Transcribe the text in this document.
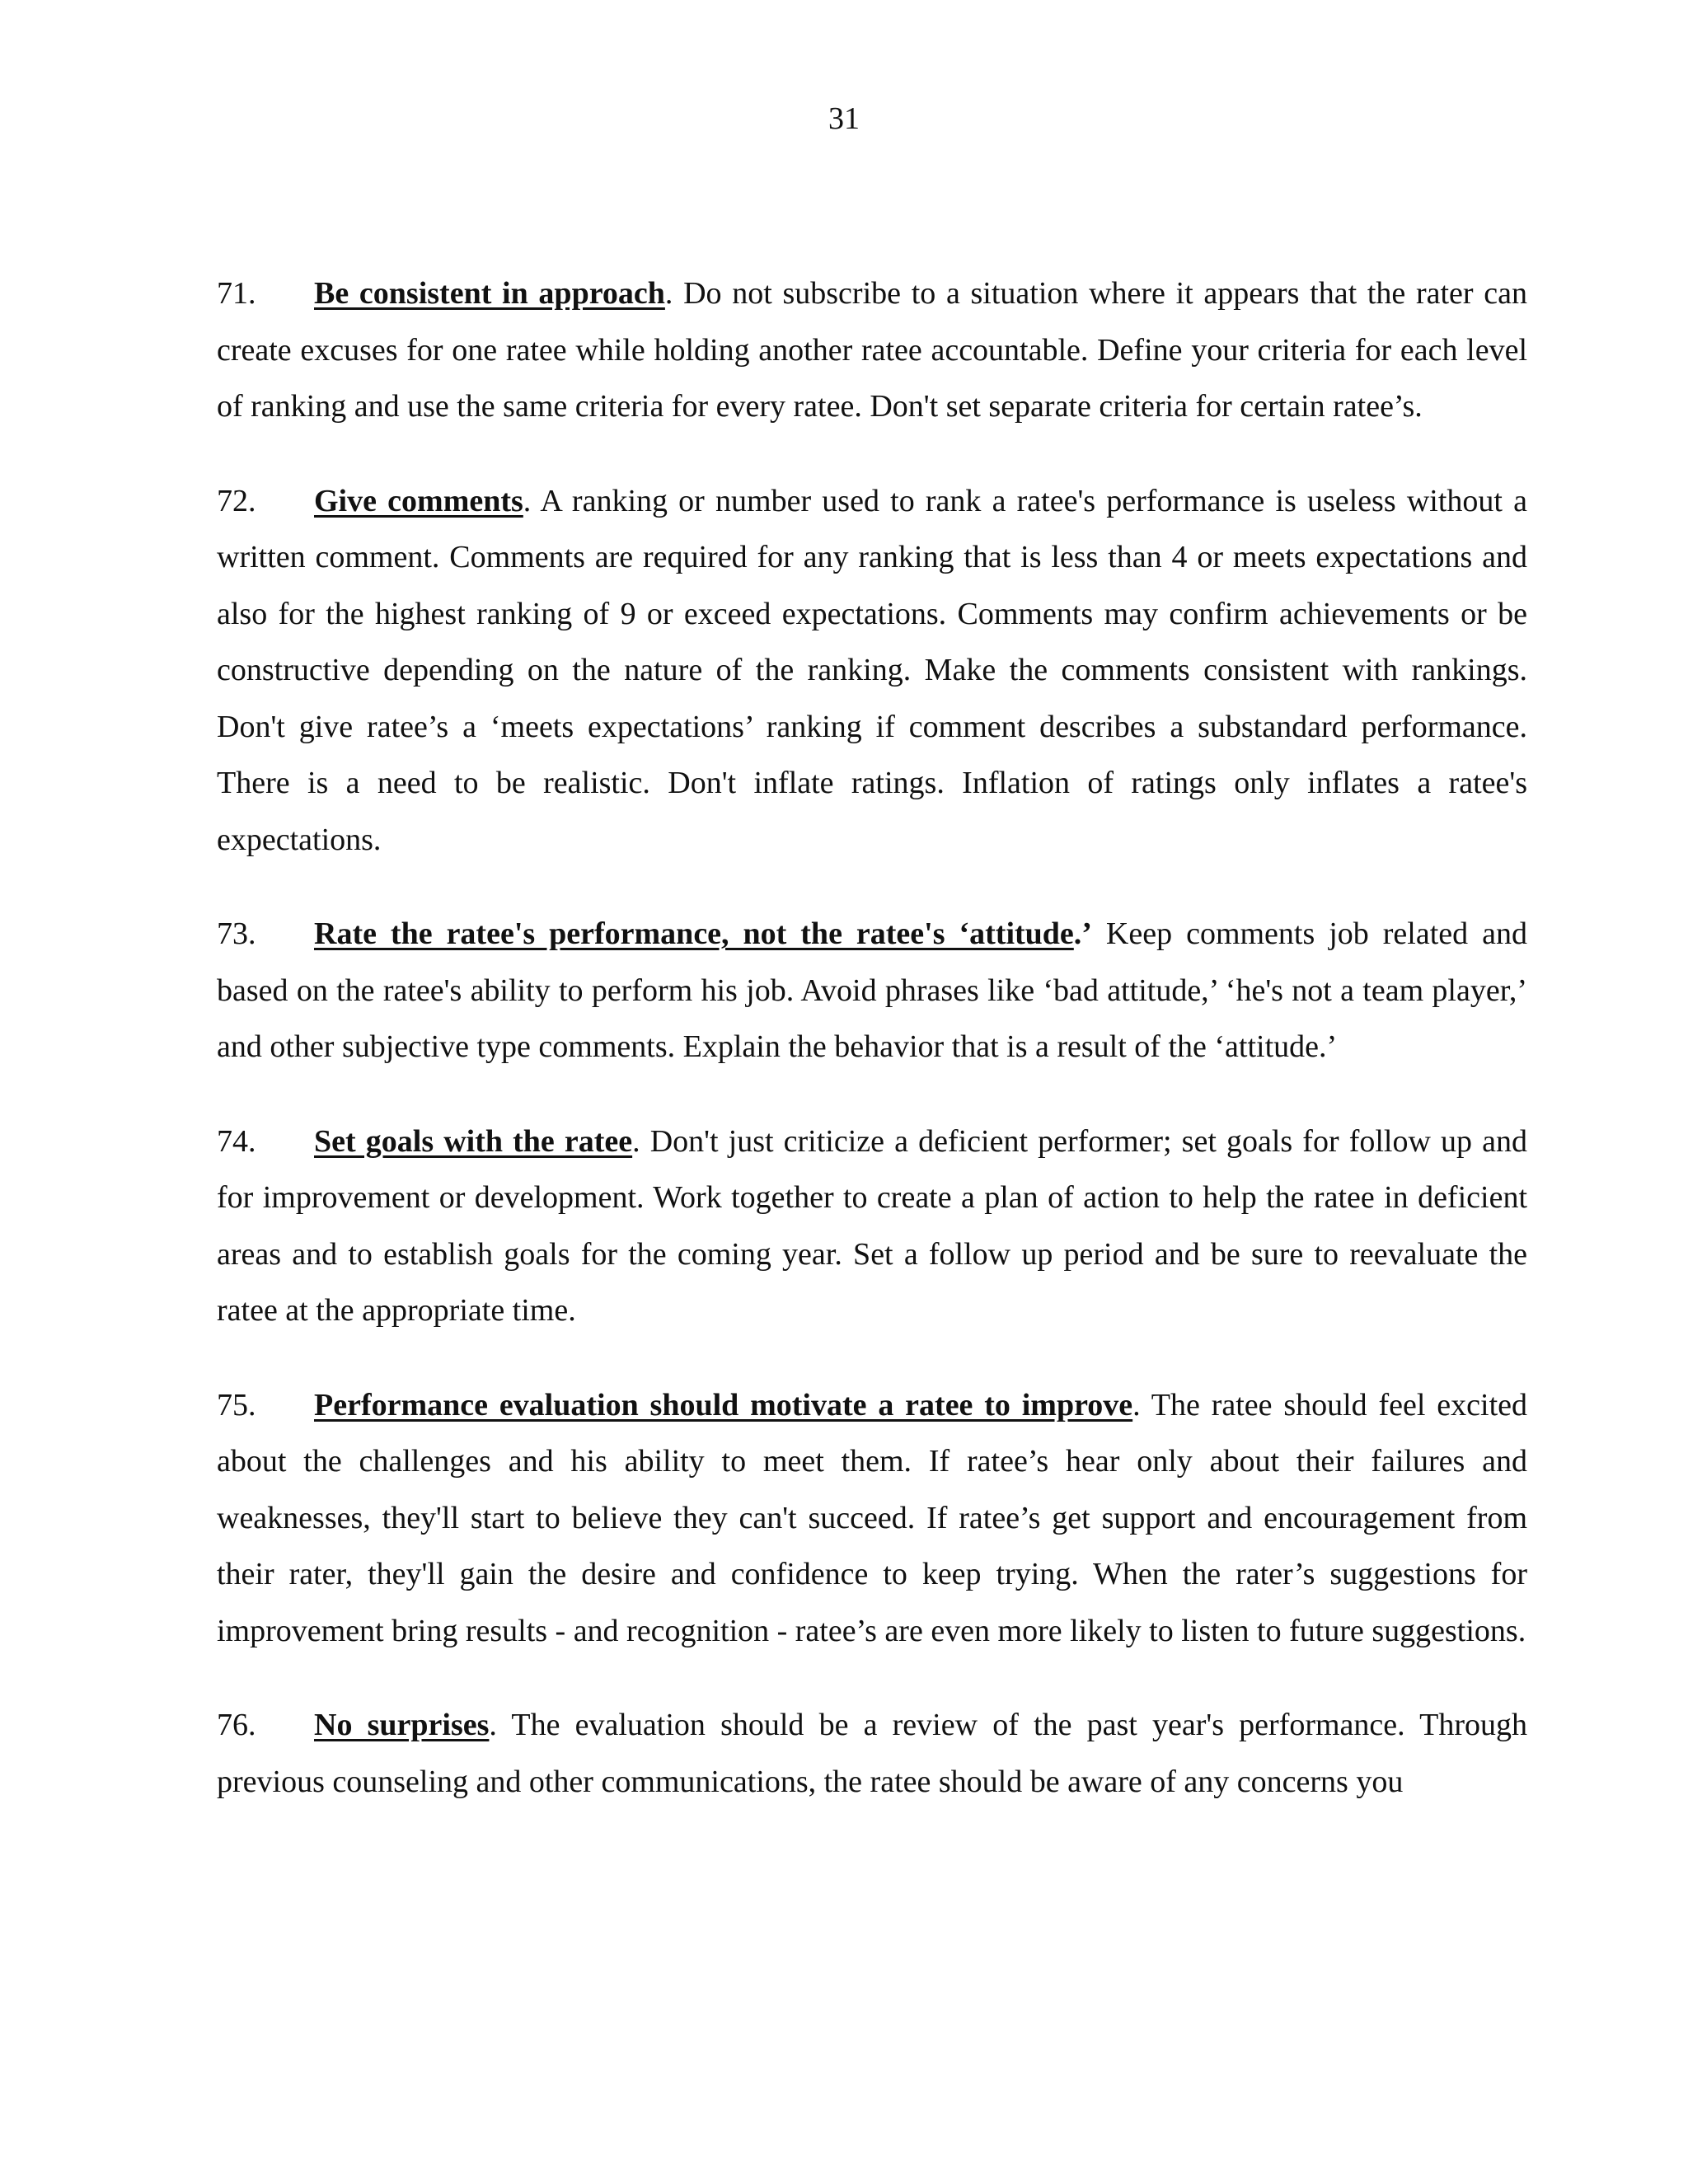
31

71. Be consistent in approach. Do not subscribe to a situation where it appears that the rater can create excuses for one ratee while holding another ratee accountable. Define your criteria for each level of ranking and use the same criteria for every ratee. Don't set separate criteria for certain ratee’s.

72. Give comments. A ranking or number used to rank a ratee's performance is useless without a written comment. Comments are required for any ranking that is less than 4 or meets expectations and also for the highest ranking of 9 or exceed expectations. Comments may confirm achievements or be constructive depending on the nature of the ranking. Make the comments consistent with rankings. Don't give ratee’s a ‘meets expectations’ ranking if comment describes a substandard performance. There is a need to be realistic. Don't inflate ratings. Inflation of ratings only inflates a ratee's expectations.

73. Rate the ratee's performance, not the ratee's ‘attitude.’ Keep comments job related and based on the ratee's ability to perform his job. Avoid phrases like ‘bad attitude,’ ‘he's not a team player,’ and other subjective type comments. Explain the behavior that is a result of the ‘attitude.’

74. Set goals with the ratee. Don't just criticize a deficient performer; set goals for follow up and for improvement or development. Work together to create a plan of action to help the ratee in deficient areas and to establish goals for the coming year. Set a follow up period and be sure to reevaluate the ratee at the appropriate time.

75. Performance evaluation should motivate a ratee to improve. The ratee should feel excited about the challenges and his ability to meet them. If ratee’s hear only about their failures and weaknesses, they'll start to believe they can't succeed. If ratee’s get support and encouragement from their rater, they'll gain the desire and confidence to keep trying. When the rater’s suggestions for improvement bring results - and recognition - ratee’s are even more likely to listen to future suggestions.

76. No surprises. The evaluation should be a review of the past year's performance. Through previous counseling and other communications, the ratee should be aware of any concerns you
